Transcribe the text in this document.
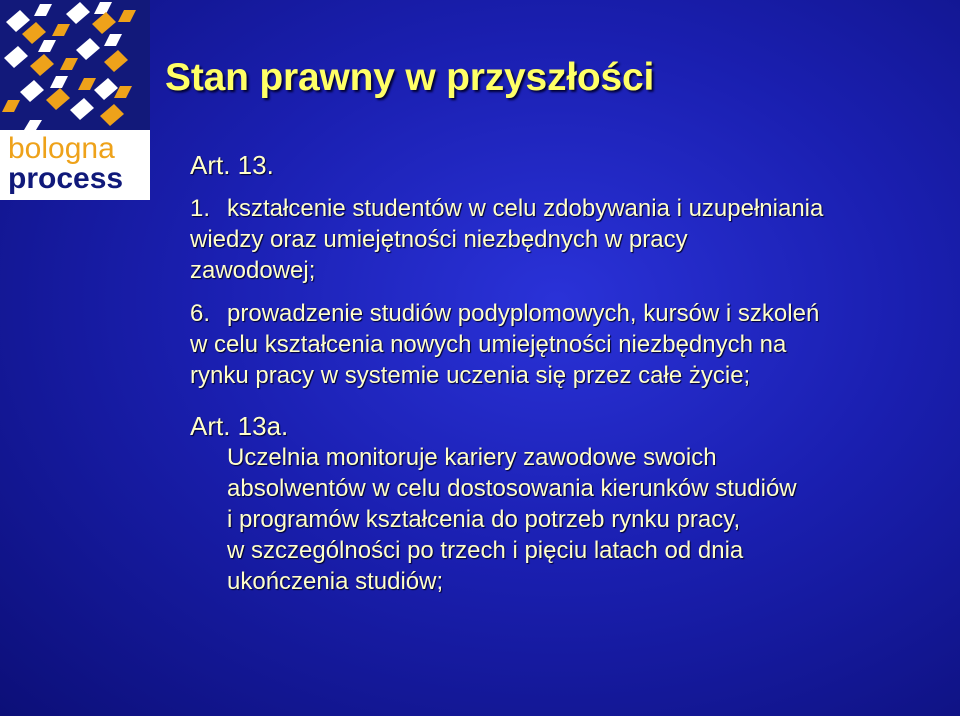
bologna
process
Stan prawny w przyszłości

Art. 13.

1. kształcenie studentów w celu zdobywania i uzupełniania
wiedzy oraz umiejętności niezbędnych w pracy
zawodowej;

6. prowadzenie studiów podyplomowych, kursów i szkoleń
w celu kształcenia nowych umiejętności niezbędnych na
rynku pracy w systemie uczenia się przez całe życie;

Art. 13a.

Uczelnia monitoruje kariery zawodowe swoich
absolwentów w celu dostosowania kierunków studiów
i programów kształcenia do potrzeb rynku pracy,
w szczególności po trzech i pięciu latach od dnia
ukończenia studiów;
